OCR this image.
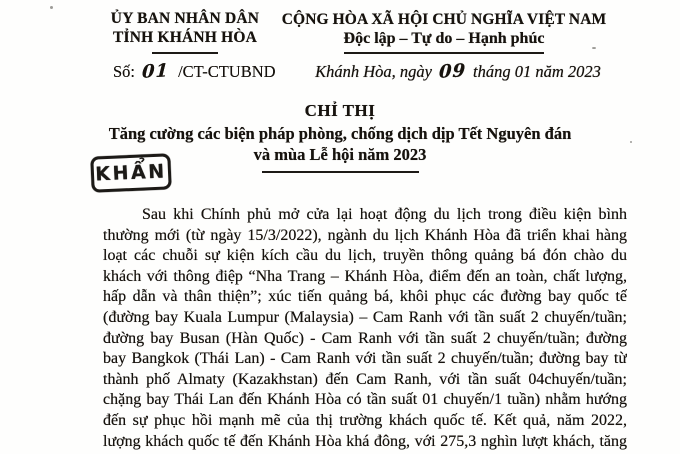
ỦY BAN NHÂN DÂN
TỈNH KHÁNH HÒA
CỘNG HÒA XÃ HỘI CHỦ NGHĨA VIỆT NAM
Độc lập – Tự do – Hạnh phúc
Số: 01 /CT-CTUBND	Khánh Hòa, ngày 09 tháng 01 năm 2023
CHỈ THỊ
Tăng cường các biện pháp phòng, chống dịch dịp Tết Nguyên đán
và mùa Lễ hội năm 2023
KHẨN
Sau khi Chính phủ mở cửa lại hoạt động du lịch trong điều kiện bình
thường mới (từ ngày 15/3/2022), ngành du lịch Khánh Hòa đã triển khai hàng
loạt các chuỗi sự kiện kích cầu du lịch, truyền thông quảng bá đón chào du
khách với thông điệp “Nha Trang – Khánh Hòa, điểm đến an toàn, chất lượng,
hấp dẫn và thân thiện”; xúc tiến quảng bá, khôi phục các đường bay quốc tế
(đường bay Kuala Lumpur (Malaysia) – Cam Ranh với tần suất 2 chuyến/tuần;
đường bay Busan (Hàn Quốc) - Cam Ranh với tần suất 2 chuyến/tuần; đường
bay Bangkok (Thái Lan) - Cam Ranh với tần suất 2 chuyến/tuần; đường bay từ
thành phố Almaty (Kazakhstan) đến Cam Ranh, với tần suất 04chuyến/tuần;
chặng bay Thái Lan đến Khánh Hòa có tần suất 01 chuyến/1 tuần) nhằm hướng
đến sự phục hồi mạnh mẽ của thị trường khách quốc tế. Kết quả, năm 2022,
lượng khách quốc tế đến Khánh Hòa khá đông, với 275,3 nghìn lượt khách, tăng
